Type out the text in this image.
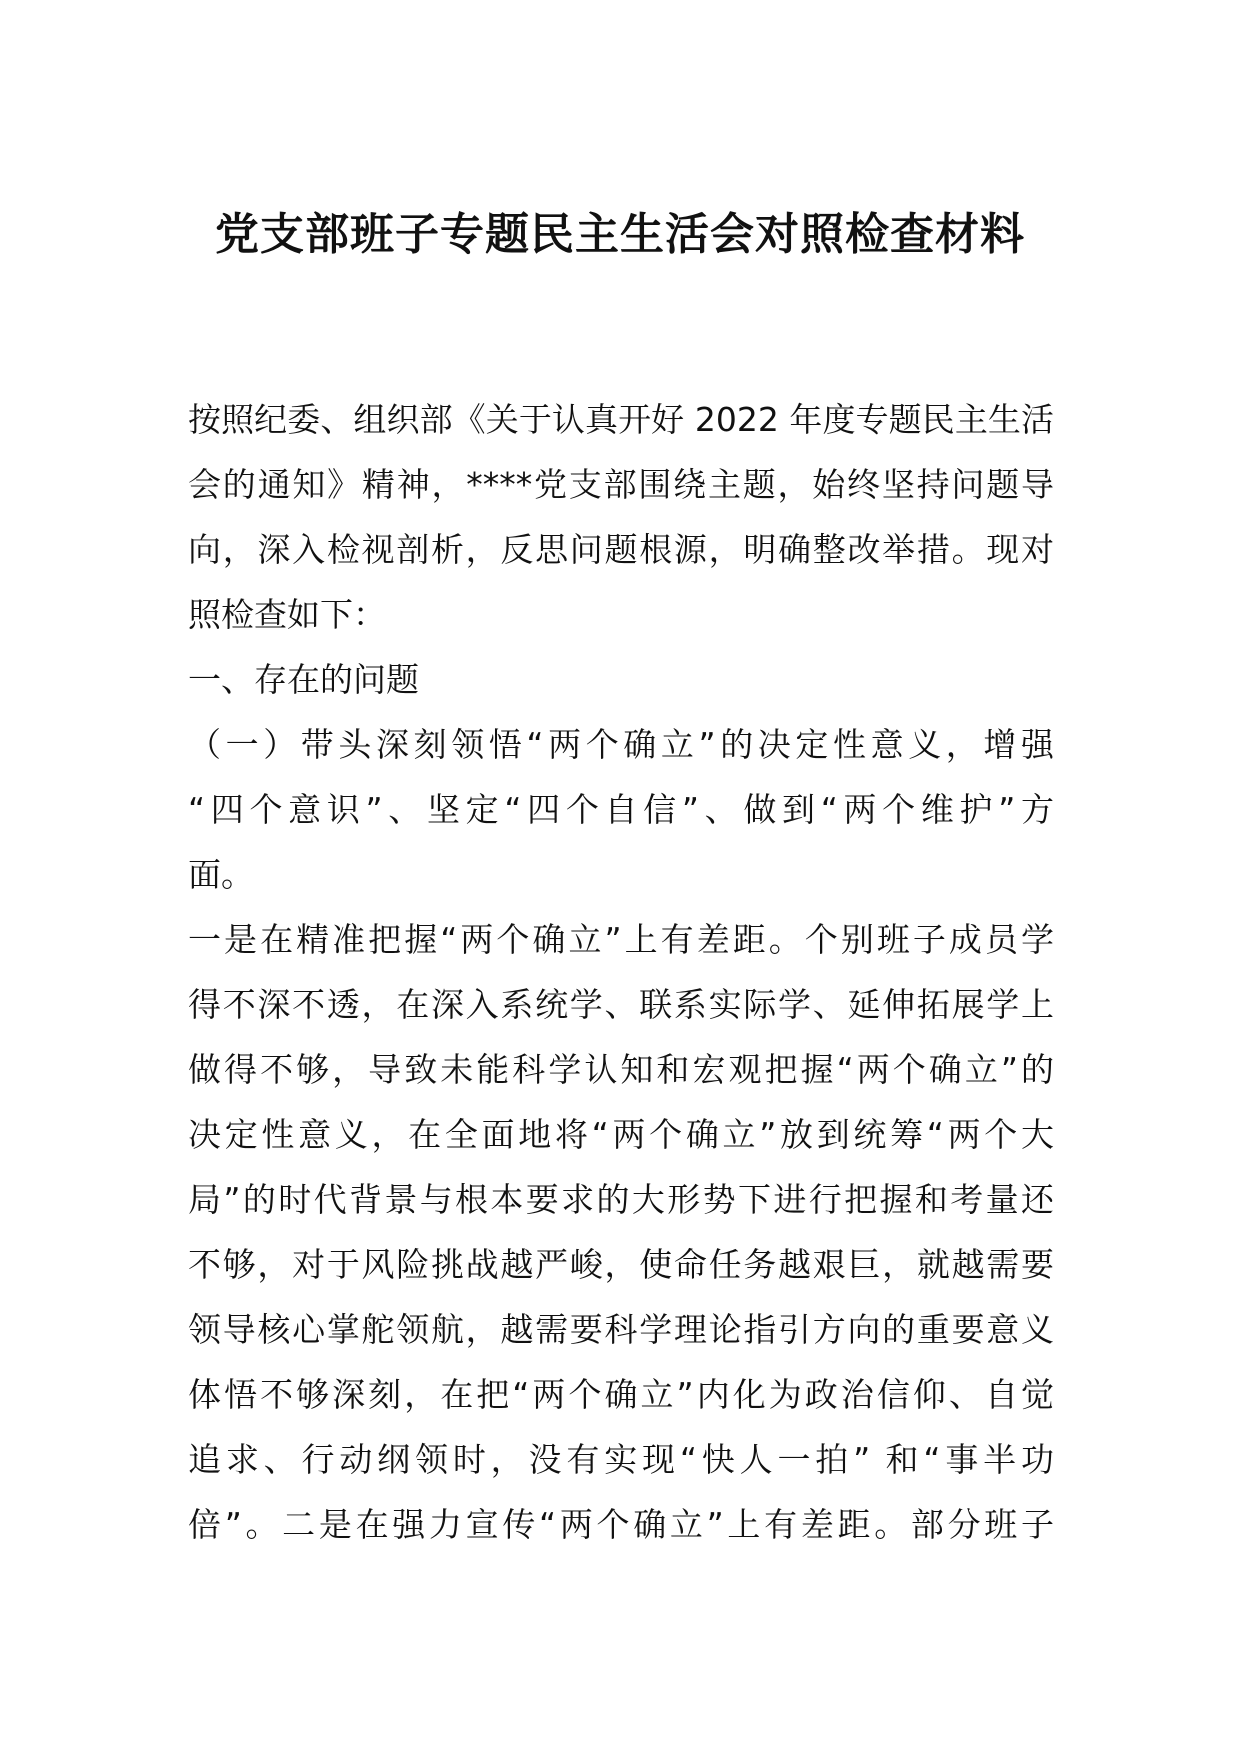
党支部班子专题民主生活会对照检查材料
按照纪委、组织部《关于认真开好 2022 年度专题民主生活
会的通知》精神，****党支部围绕主题，始终坚持问题导
向，深入检视剖析，反思问题根源，明确整改举措。现对
照检查如下：
一、存在的问题
（一）带头深刻领悟“两个确立”的决定性意义，增强
“四个意识”、坚定“四个自信”、做到“两个维护”方
面。
一是在精准把握“两个确立”上有差距。个别班子成员学
得不深不透，在深入系统学、联系实际学、延伸拓展学上
做得不够，导致未能科学认知和宏观把握“两个确立”的
决定性意义，在全面地将“两个确立”放到统筹“两个大
局”的时代背景与根本要求的大形势下进行把握和考量还
不够，对于风险挑战越严峻，使命任务越艰巨，就越需要
领导核心掌舵领航，越需要科学理论指引方向的重要意义
体悟不够深刻，在把“两个确立”内化为政治信仰、自觉
追求、行动纲领时，没有实现“快人一拍” 和“事半功
倍”。二是在强力宣传“两个确立”上有差距。部分班子
